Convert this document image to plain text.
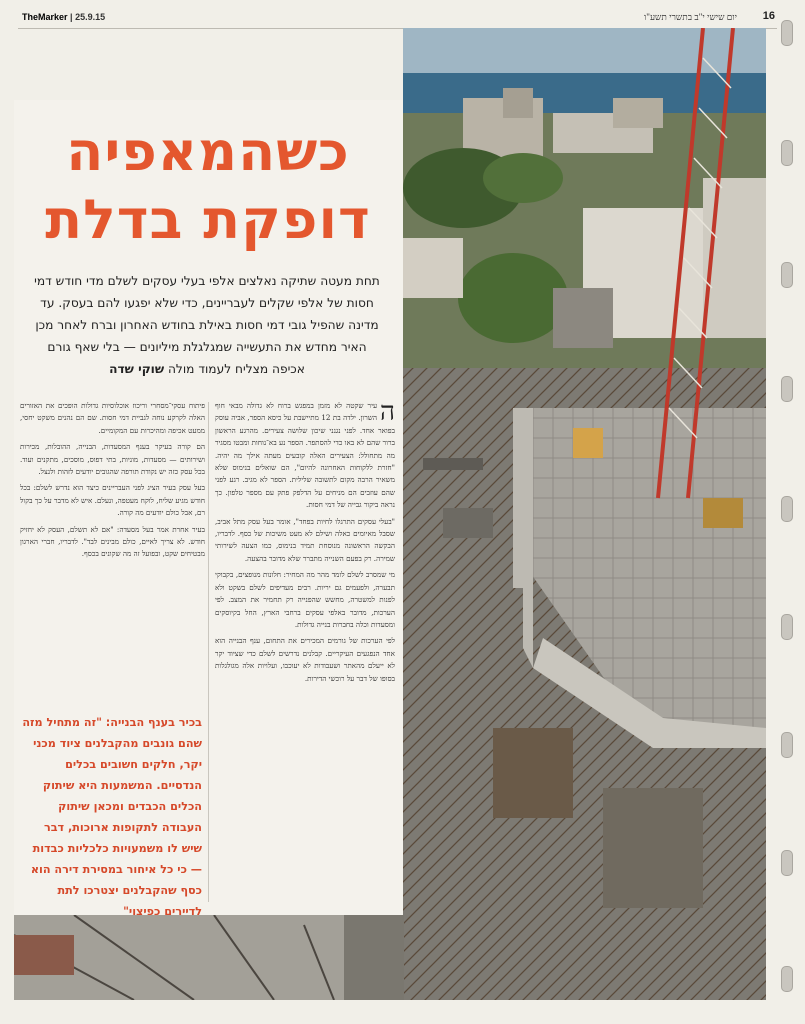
TheMarker | 25.9.15	יום שישי י"ב בתשרי תשע"ו 16
כשהמאפיה
דופקת בדלת
תחת מעטה שתיקה נאלצים אלפי בעלי עסקים לשלם מדי חודש דמי חסות של אלפי שקלים לעבריינים, כדי שלא יפגעו להם בעסק. עד מדינה שהפיל גובי דמי חסות באילת בחודש האחרון וברח לאחר מכן האיר מחדש את התעשייה שמגלגלת מיליונים — בלי שאף גורם אכיפה מצליח לעמוד מולה שוקי שדה

ה
עיר שקטה לא מזמן במפגש ברוח לא גדולה מבאי חוף השרון. ילדה בת 12 מתיישבת על כיסא הספר, אביה עוסק בפואר אחד. לפני נגנני שיכון שלושה צעירים. מהרגע הראשון ברור שהם לא באו כדי להסתפר. הספר נע בא־נוחות ומבטו מסגיר מה מתחולל: הצעירים האלה קובעים מעתה אילך מה יהיה. "חזרת ללקוחות האחרונה להיום", הם שואלים בנימוס שלא משאיר הרבה מקום לתשובה שלילית. הספר לא מגיב. רגע לפני שהם עוזבים הם מניחים על הדלפק פתק עם מספר טלפון. כך נראה ביקור גבייה של דמי חסות.

"בעלי עסקים התרגלו לחיות בפחד", אומר בעל עסק מתל אביב, שסבל מאיומים כאלה ושילם לא מעט משיכות של כסף. לדבריו, הבקשה הראשונה מנוסחת תמיד בנימוס, כמו הצעה לשירותי שמירה. רק בפעם השנייה מתברר שלא מדובר בהצעה.

מי שמסרב לשלם לומד מהר מה המחיר: חלונות מנופצים, בקבוקי תבערה, ולפעמים גם יריות. רבים מעדיפים לשלם בשקט ולא לפנות למשטרה, מחשש שהפנייה רק תחמיר את המצב. לפי הערכות, מדובר באלפי עסקים ברחבי הארץ, החל בקיוסקים ומסעדות וכלה בחברות בנייה גדולות.

לפי הערכות של גורמים המכירים את התחום, ענף הבנייה הוא אחד הנפגעים העיקריים. קבלנים נדרשים לשלם כדי שציוד יקר לא ייעלם מהאתר ושעבודות לא יעוכבו, ועלויות אלה מגולגלות בסופו של דבר על רוכשי הדירות.

פיתוח עסקי־מסחרי וריכוז אוכלוסיות גדולות הופכים את האזורים האלה לקרקע נוחה לגביית דמי חסות. שם הם נהנים משקט יחסי, ממעט אכיפה ומהיכרות עם המקומיים.

הם קורה בעיקר בענף המסעדות, הבנייה, ההובלות, מכירות ושירותים — מסעדות, מוניות, בתי דפוס, מוסכים, מתקנים ועוד. בכל עסק כזה יש נקודת תורפה שהגובים יודעים לזהות ולנצל.

בעל עסק בעיר הציג לפני העבריינים כיצד הוא נדרש לשלם: בכל חודש מגיע שליח, לוקח מעטפה, ונעלם. איש לא מדבר על כך בקול רם, אבל כולם יודעים מה קורה.

בעיר אחרת אמר בעל מסעדה: "אם לא תשלם, העסק לא יחזיק חודש. לא צריך לאיים, כולם מבינים לבד". לדבריו, חברי הארגון מבטיחים שקט, ובפועל זה מה שקונים בכסף.

בכיר בענף הבנייה: "זה מתחיל מזה שהם גונבים מהקבלנים ציוד מכני יקר, חלקים חשובים בכלים הנדסיים. המשמעות היא שיתוק הכלים הכבדים ומכאן שיתוק העבודה לתקופות ארוכות, דבר שיש לו משמעויות כלכליות כבדות — כי כל איחור במסירת דירה הוא כסף שהקבלנים יצטרכו לתת לדיירים כפיצוי"
